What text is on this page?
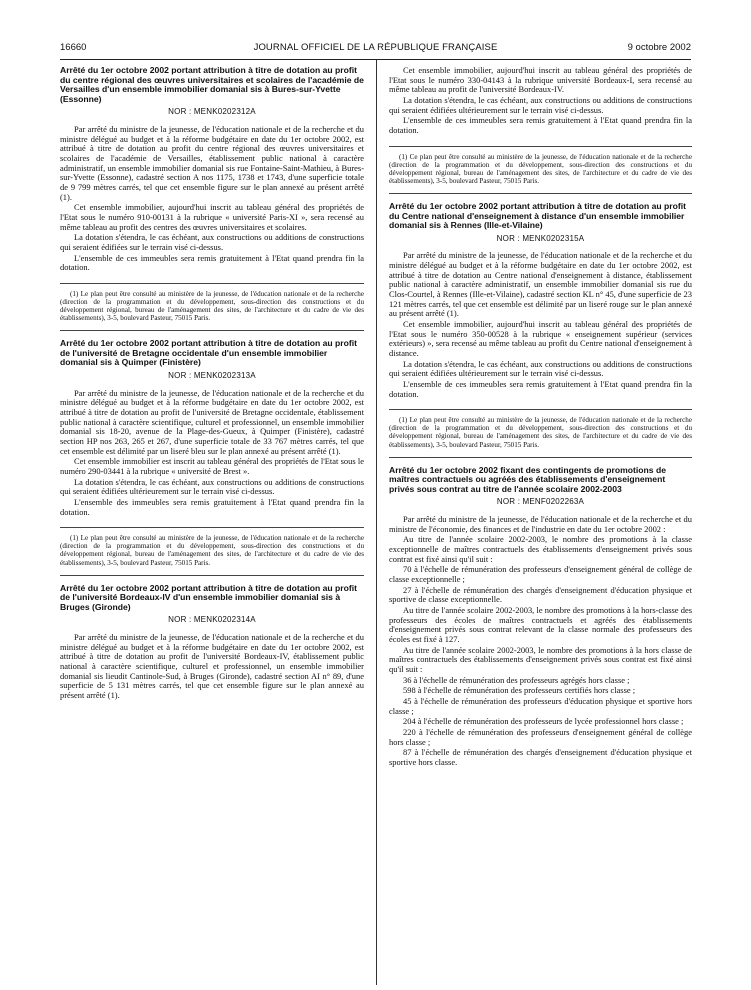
16660	JOURNAL OFFICIEL DE LA RÉPUBLIQUE FRANÇAISE	9 octobre 2002
Arrêté du 1er octobre 2002 portant attribution à titre de dotation au profit du centre régional des œuvres universitaires et scolaires de l'académie de Versailles d'un ensemble immobilier domanial sis à Bures-sur-Yvette (Essonne)
NOR : MENK0202312A

Par arrêté du ministre de la jeunesse, de l'éducation nationale et de la recherche et du ministre délégué au budget et à la réforme budgétaire en date du 1er octobre 2002, est attribué à titre de dotation au profit du centre régional des œuvres universitaires et scolaires de l'académie de Versailles, établissement public national à caractère administratif, un ensemble immobilier domanial sis rue Fontaine-Saint-Mathieu, à Bures-sur-Yvette (Essonne), cadastré section A nos 1175, 1738 et 1743, d'une superficie totale de 9 799 mètres carrés, tel que cet ensemble figure sur le plan annexé au présent arrêté (1).

Cet ensemble immobilier, aujourd'hui inscrit au tableau général des propriétés de l'Etat sous le numéro 910-00131 à la rubrique « université Paris-XI », sera recensé au même tableau au profit des centres des œuvres universitaires et scolaires.

La dotation s'étendra, le cas échéant, aux constructions ou additions de constructions qui seraient édifiées sur le terrain visé ci-dessus.

L'ensemble de ces immeubles sera remis gratuitement à l'Etat quand prendra fin la dotation.

(1) Le plan peut être consulté au ministère de la jeunesse, de l'éducation nationale et de la recherche (direction de la programmation et du développement, sous-direction des constructions et du développement régional, bureau de l'aménagement des sites, de l'architecture et du cadre de vie des établissements), 3-5, boulevard Pasteur, 75015 Paris.

Arrêté du 1er octobre 2002 portant attribution à titre de dotation au profit de l'université de Bretagne occidentale d'un ensemble immobilier domanial sis à Quimper (Finistère)
NOR : MENK0202313A

Par arrêté du ministre de la jeunesse, de l'éducation nationale et de la recherche et du ministre délégué au budget et à la réforme budgétaire en date du 1er octobre 2002, est attribué à titre de dotation au profit de l'université de Bretagne occidentale, établissement public national à caractère scientifique, culturel et professionnel, un ensemble immobilier domanial sis 18-20, avenue de la Plage-des-Gueux, à Quimper (Finistère), cadastré section HP nos 263, 265 et 267, d'une superficie totale de 33 767 mètres carrés, tel que cet ensemble est délimité par un liseré bleu sur le plan annexé au présent arrêté (1).

Cet ensemble immobilier est inscrit au tableau général des propriétés de l'Etat sous le numéro 290-03441 à la rubrique « université de Brest ».

La dotation s'étendra, le cas échéant, aux constructions ou additions de constructions qui seraient édifiées ultérieurement sur le terrain visé ci-dessus.

L'ensemble des immeubles sera remis gratuitement à l'Etat quand prendra fin la dotation.

(1) Le plan peut être consulté au ministère de la jeunesse, de l'éducation nationale et de la recherche (direction de la programmation et du développement, sous-direction des constructions et du développement régional, bureau de l'aménagement des sites, de l'architecture et du cadre de vie des établissements), 3-5, boulevard Pasteur, 75015 Paris.

Arrêté du 1er octobre 2002 portant attribution à titre de dotation au profit de l'université Bordeaux-IV d'un ensemble immobilier domanial sis à Bruges (Gironde)
NOR : MENK0202314A

Par arrêté du ministre de la jeunesse, de l'éducation nationale et de la recherche et du ministre délégué au budget et à la réforme budgétaire en date du 1er octobre 2002, est attribué à titre de dotation au profit de l'université Bordeaux-IV, établissement public national à caractère scientifique, culturel et professionnel, un ensemble immobilier domanial sis lieudit Cantinole-Sud, à Bruges (Gironde), cadastré section AI n° 89, d'une superficie de 5 131 mètres carrés, tel que cet ensemble figure sur le plan annexé au présent arrêté (1).

Cet ensemble immobilier, aujourd'hui inscrit au tableau général des propriétés de l'Etat sous le numéro 330-04143 à la rubrique université Bordeaux-I, sera recensé au même tableau au profit de l'université Bordeaux-IV.

La dotation s'étendra, le cas échéant, aux constructions ou additions de constructions qui seraient édifiées ultérieurement sur le terrain visé ci-dessus.

L'ensemble de ces immeubles sera remis gratuitement à l'Etat quand prendra fin la dotation.

(1) Ce plan peut être consulté au ministère de la jeunesse, de l'éducation nationale et de la recherche (direction de la programmation et du développement, sous-direction des constructions et du développement régional, bureau de l'aménagement des sites, de l'architecture et du cadre de vie des établissements), 3-5, boulevard Pasteur, 75015 Paris.

Arrêté du 1er octobre 2002 portant attribution à titre de dotation au profit du Centre national d'enseignement à distance d'un ensemble immobilier domanial sis à Rennes (Ille-et-Vilaine)
NOR : MENK0202315A

Par arrêté du ministre de la jeunesse, de l'éducation nationale et de la recherche et du ministre délégué au budget et à la réforme budgétaire en date du 1er octobre 2002, est attribué à titre de dotation au Centre national d'enseignement à distance, établissement public national à caractère administratif, un ensemble immobilier domanial sis rue du Clos-Courtel, à Rennes (Ille-et-Vilaine), cadastré section KL n° 45, d'une superficie de 23 121 mètres carrés, tel que cet ensemble est délimité par un liseré rouge sur le plan annexé au présent arrêté (1).

Cet ensemble immobilier, aujourd'hui inscrit au tableau général des propriétés de l'Etat sous le numéro 350-00528 à la rubrique « enseignement supérieur (services extérieurs) », sera recensé au même tableau au profit du Centre national d'enseignement à distance.

La dotation s'étendra, le cas échéant, aux constructions ou additions de constructions qui seraient édifiées ultérieurement sur le terrain visé ci-dessus.

L'ensemble de ces immeubles sera remis gratuitement à l'Etat quand prendra fin la dotation.

(1) Le plan peut être consulté au ministère de la jeunesse, de l'éducation nationale et de la recherche (direction de la programmation et du développement, sous-direction des constructions et du développement régional, bureau de l'aménagement des sites, de l'architecture et du cadre de vie des établissements), 3-5, boulevard Pasteur, 75015 Paris.

Arrêté du 1er octobre 2002 fixant des contingents de promotions de maîtres contractuels ou agréés des établissements d'enseignement privés sous contrat au titre de l'année scolaire 2002-2003
NOR : MENF0202263A

Par arrêté du ministre de la jeunesse, de l'éducation nationale et de la recherche et du ministre de l'économie, des finances et de l'industrie en date du 1er octobre 2002 :

Au titre de l'année scolaire 2002-2003, le nombre des promotions à la classe exceptionnelle de maîtres contractuels des établissements d'enseignement privés sous contrat est fixé ainsi qu'il suit :

70 à l'échelle de rémunération des professeurs d'enseignement général de collège de classe exceptionnelle ;

27 à l'échelle de rémunération des chargés d'enseignement d'éducation physique et sportive de classe exceptionnelle.

Au titre de l'année scolaire 2002-2003, le nombre des promotions à la hors-classe des professeurs des écoles de maîtres contractuels et agréés des établissements d'enseignement privés sous contrat relevant de la classe normale des professeurs des écoles est fixé à 127.

Au titre de l'année scolaire 2002-2003, le nombre des promotions à la hors classe de maîtres contractuels des établissements d'enseignement privés sous contrat est fixé ainsi qu'il suit :

36 à l'échelle de rémunération des professeurs agrégés hors classe ;

598 à l'échelle de rémunération des professeurs certifiés hors classe ;

45 à l'échelle de rémunération des professeurs d'éducation physique et sportive hors classe ;

204 à l'échelle de rémunération des professeurs de lycée professionnel hors classe ;

220 à l'échelle de rémunération des professeurs d'enseignement général de collège hors classe ;

87 à l'échelle de rémunération des chargés d'enseignement d'éducation physique et sportive hors classe.
